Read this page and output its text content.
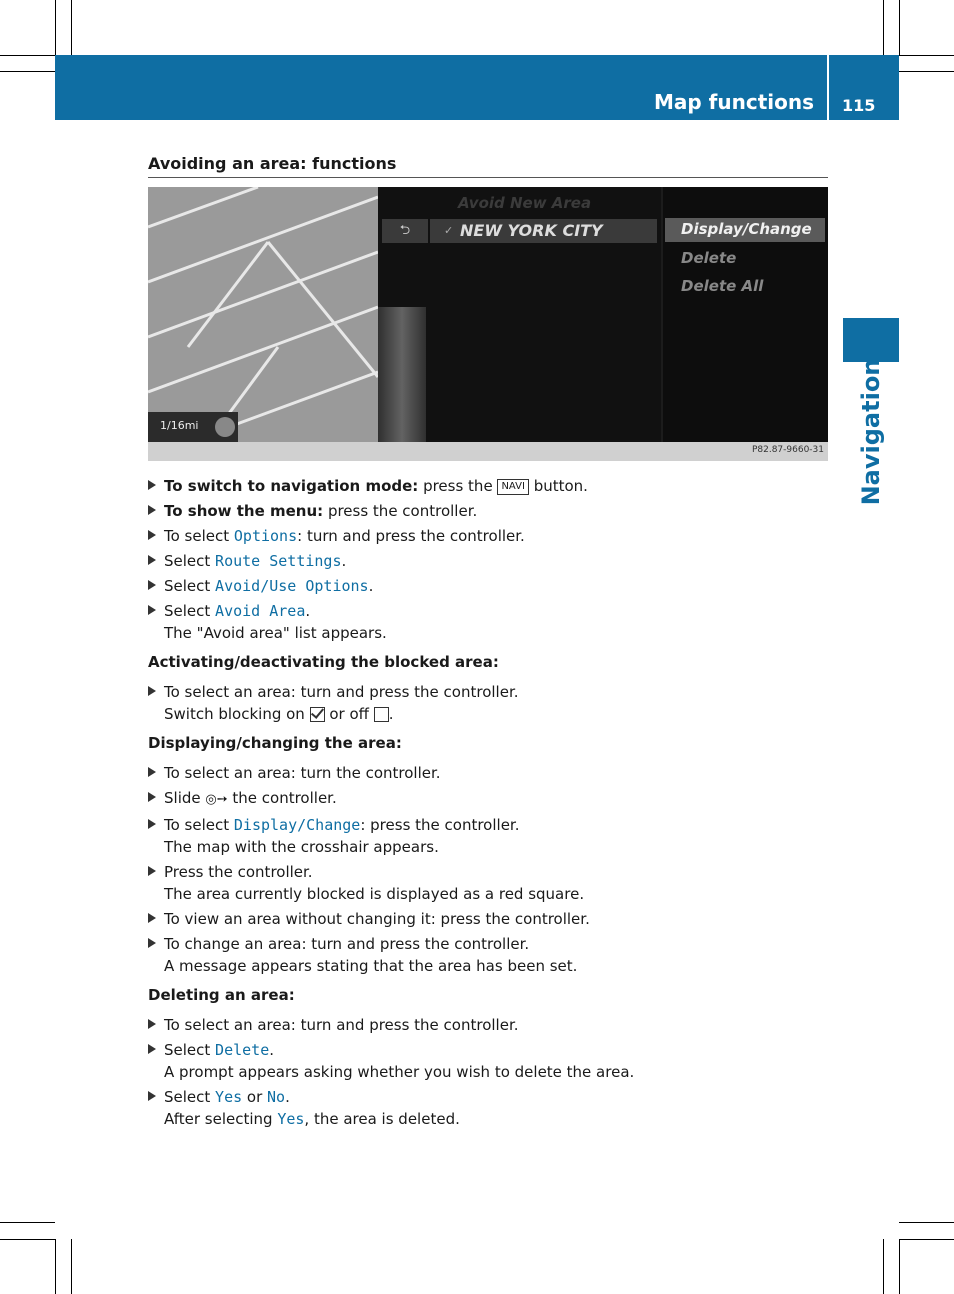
Map functions 115
Navigation
Avoiding an area: functions
1/16mi
Avoid New Area
⮌	✓ NEW YORK CITY	Display/Change
Delete
Delete All
P82.87-9660-31
To switch to navigation mode: press the NAVI button.
To show the menu: press the controller.
To select Options: turn and press the controller.
Select Route Settings.
Select Avoid/Use Options.
Select Avoid Area.
The "Avoid area" list appears.
Activating/deactivating the blocked area:
To select an area: turn and press the controller.
Switch blocking on  or off .
Displaying/changing the area:
To select an area: turn the controller.
Slide ◎➙ the controller.
To select Display/Change: press the controller.
The map with the crosshair appears.
Press the controller.
The area currently blocked is displayed as a red square.
To view an area without changing it: press the controller.
To change an area: turn and press the controller.
A message appears stating that the area has been set.
Deleting an area:
To select an area: turn and press the controller.
Select Delete.
A prompt appears asking whether you wish to delete the area.
Select Yes or No.
After selecting Yes, the area is deleted.
